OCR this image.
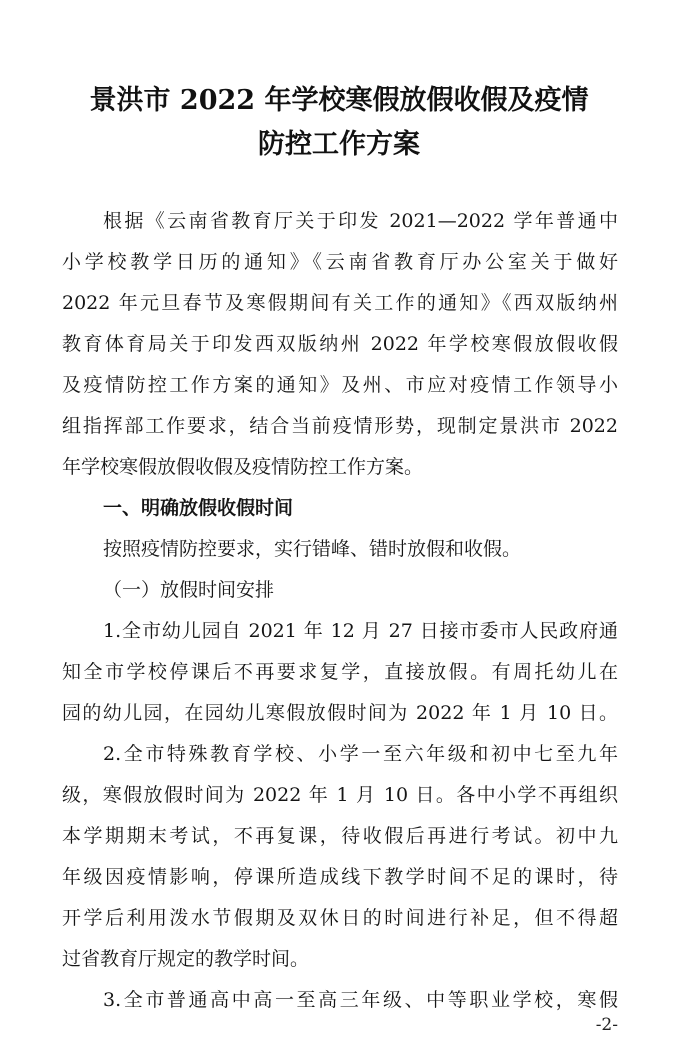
景洪市 2022 年学校寒假放假收假及疫情
防控工作方案
根据《云南省教育厅关于印发 2021—2022 学年普通中
小学校教学日历的通知》《云南省教育厅办公室关于做好
2022 年元旦春节及寒假期间有关工作的通知》《西双版纳州
教育体育局关于印发西双版纳州 2022 年学校寒假放假收假
及疫情防控工作方案的通知》及州、市应对疫情工作领导小
组指挥部工作要求，结合当前疫情形势，现制定景洪市 2022
年学校寒假放假收假及疫情防控工作方案。
一、明确放假收假时间
按照疫情防控要求，实行错峰、错时放假和收假。
（一）放假时间安排
1.全市幼儿园自 2021 年 12 月 27 日接市委市人民政府通
知全市学校停课后不再要求复学，直接放假。有周托幼儿在
园的幼儿园，在园幼儿寒假放假时间为 2022 年 1 月 10 日。
2.全市特殊教育学校、小学一至六年级和初中七至九年
级，寒假放假时间为 2022 年 1 月 10 日。各中小学不再组织
本学期期末考试，不再复课，待收假后再进行考试。初中九
年级因疫情影响，停课所造成线下教学时间不足的课时，待
开学后利用泼水节假期及双休日的时间进行补足，但不得超
过省教育厅规定的教学时间。
3.全市普通高中高一至高三年级、中等职业学校，寒假
-2-
